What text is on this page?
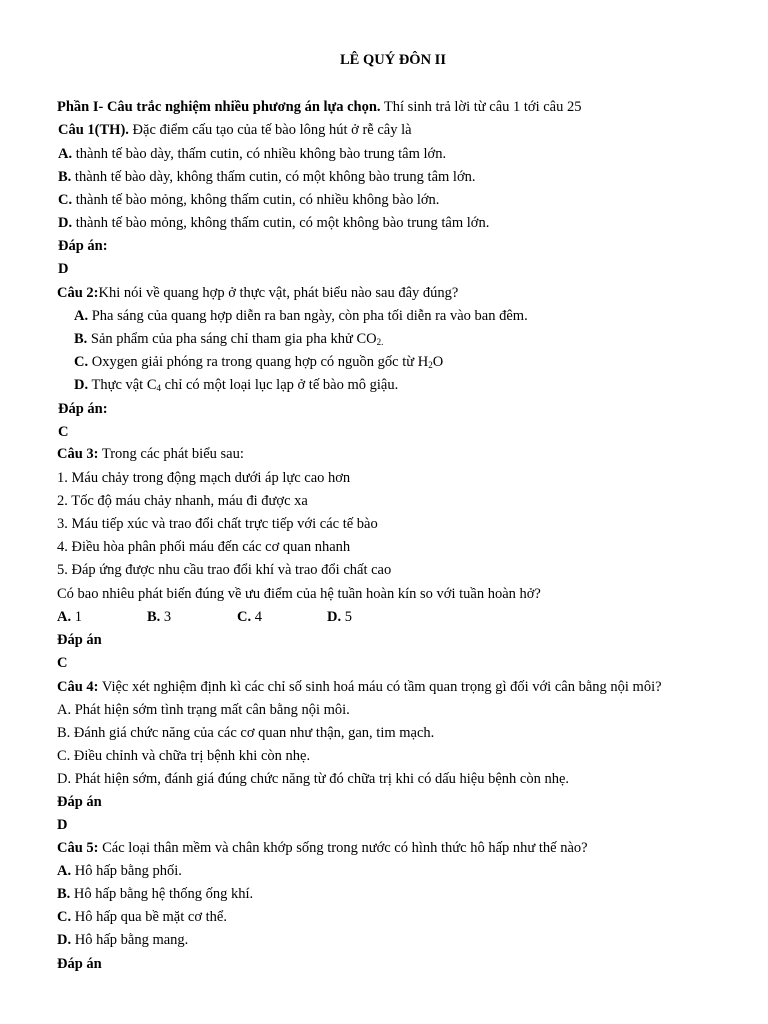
LÊ QUÝ ĐÔN II
Phần I- Câu trắc nghiệm nhiều phương án lựa chọn. Thí sinh trả lời từ câu 1 tới câu 25
Câu 1(TH). Đặc điểm cấu tạo của tế bào lông hút ở rễ cây là
A. thành tế bào dày, thấm cutin, có nhiều không bào trung tâm lớn.
B. thành tế bào dày, không thấm cutin, có một không bào trung tâm lớn.
C. thành tế bào mỏng, không thấm cutin, có nhiều không bào lớn.
D. thành tế bào mỏng, không thấm cutin, có một không bào trung tâm lớn.
Đáp án:
D
Câu 2:Khi nói về quang hợp ở thực vật, phát biểu nào sau đây đúng?
A. Pha sáng của quang hợp diễn ra ban ngày, còn pha tối diễn ra vào ban đêm.
B. Sản phẩm của pha sáng chỉ tham gia pha khử $CO_{2.}$
C. Oxygen giải phóng ra trong quang hợp có nguồn gốc từ $H_2O$
D. Thực vật $C_4$ chỉ có một loại lục lạp ở tế bào mô giậu.
Đáp án:
C
Câu 3: Trong các phát biểu sau:
1. Máu chảy trong động mạch dưới áp lực cao hơn
2. Tốc độ máu chảy nhanh, máu đi được xa
3. Máu tiếp xúc và trao đổi chất trực tiếp với các tế bào
4. Điều hòa phân phối máu đến các cơ quan nhanh
5. Đáp ứng được nhu cầu trao đổi khí và trao đổi chất cao
Có bao nhiêu phát biến đúng về ưu điểm của hệ tuần hoàn kín so với tuần hoàn hở?
A. 1	B. 3	C. 4	D. 5
Đáp án
C
Câu 4: Việc xét nghiệm định kì các chỉ số sinh hoá máu có tầm quan trọng gì đối với cân bằng nội môi?
A. Phát hiện sớm tình trạng mất cân bằng nội môi.
B. Đánh giá chức năng của các cơ quan như thận, gan, tim mạch.
C. Điều chỉnh và chữa trị bệnh khi còn nhẹ.
D. Phát hiện sớm, đánh giá đúng chức năng từ đó chữa trị khi có dấu hiệu bệnh còn nhẹ.
Đáp án
D
Câu 5: Các loại thân mềm và chân khớp sống trong nước có hình thức hô hấp như thế nào?
A. Hô hấp bằng phối.
B. Hô hấp bằng hệ thống ống khí.
C. Hô hấp qua bề mặt cơ thể.
D. Hô hấp bằng mang.
Đáp án
